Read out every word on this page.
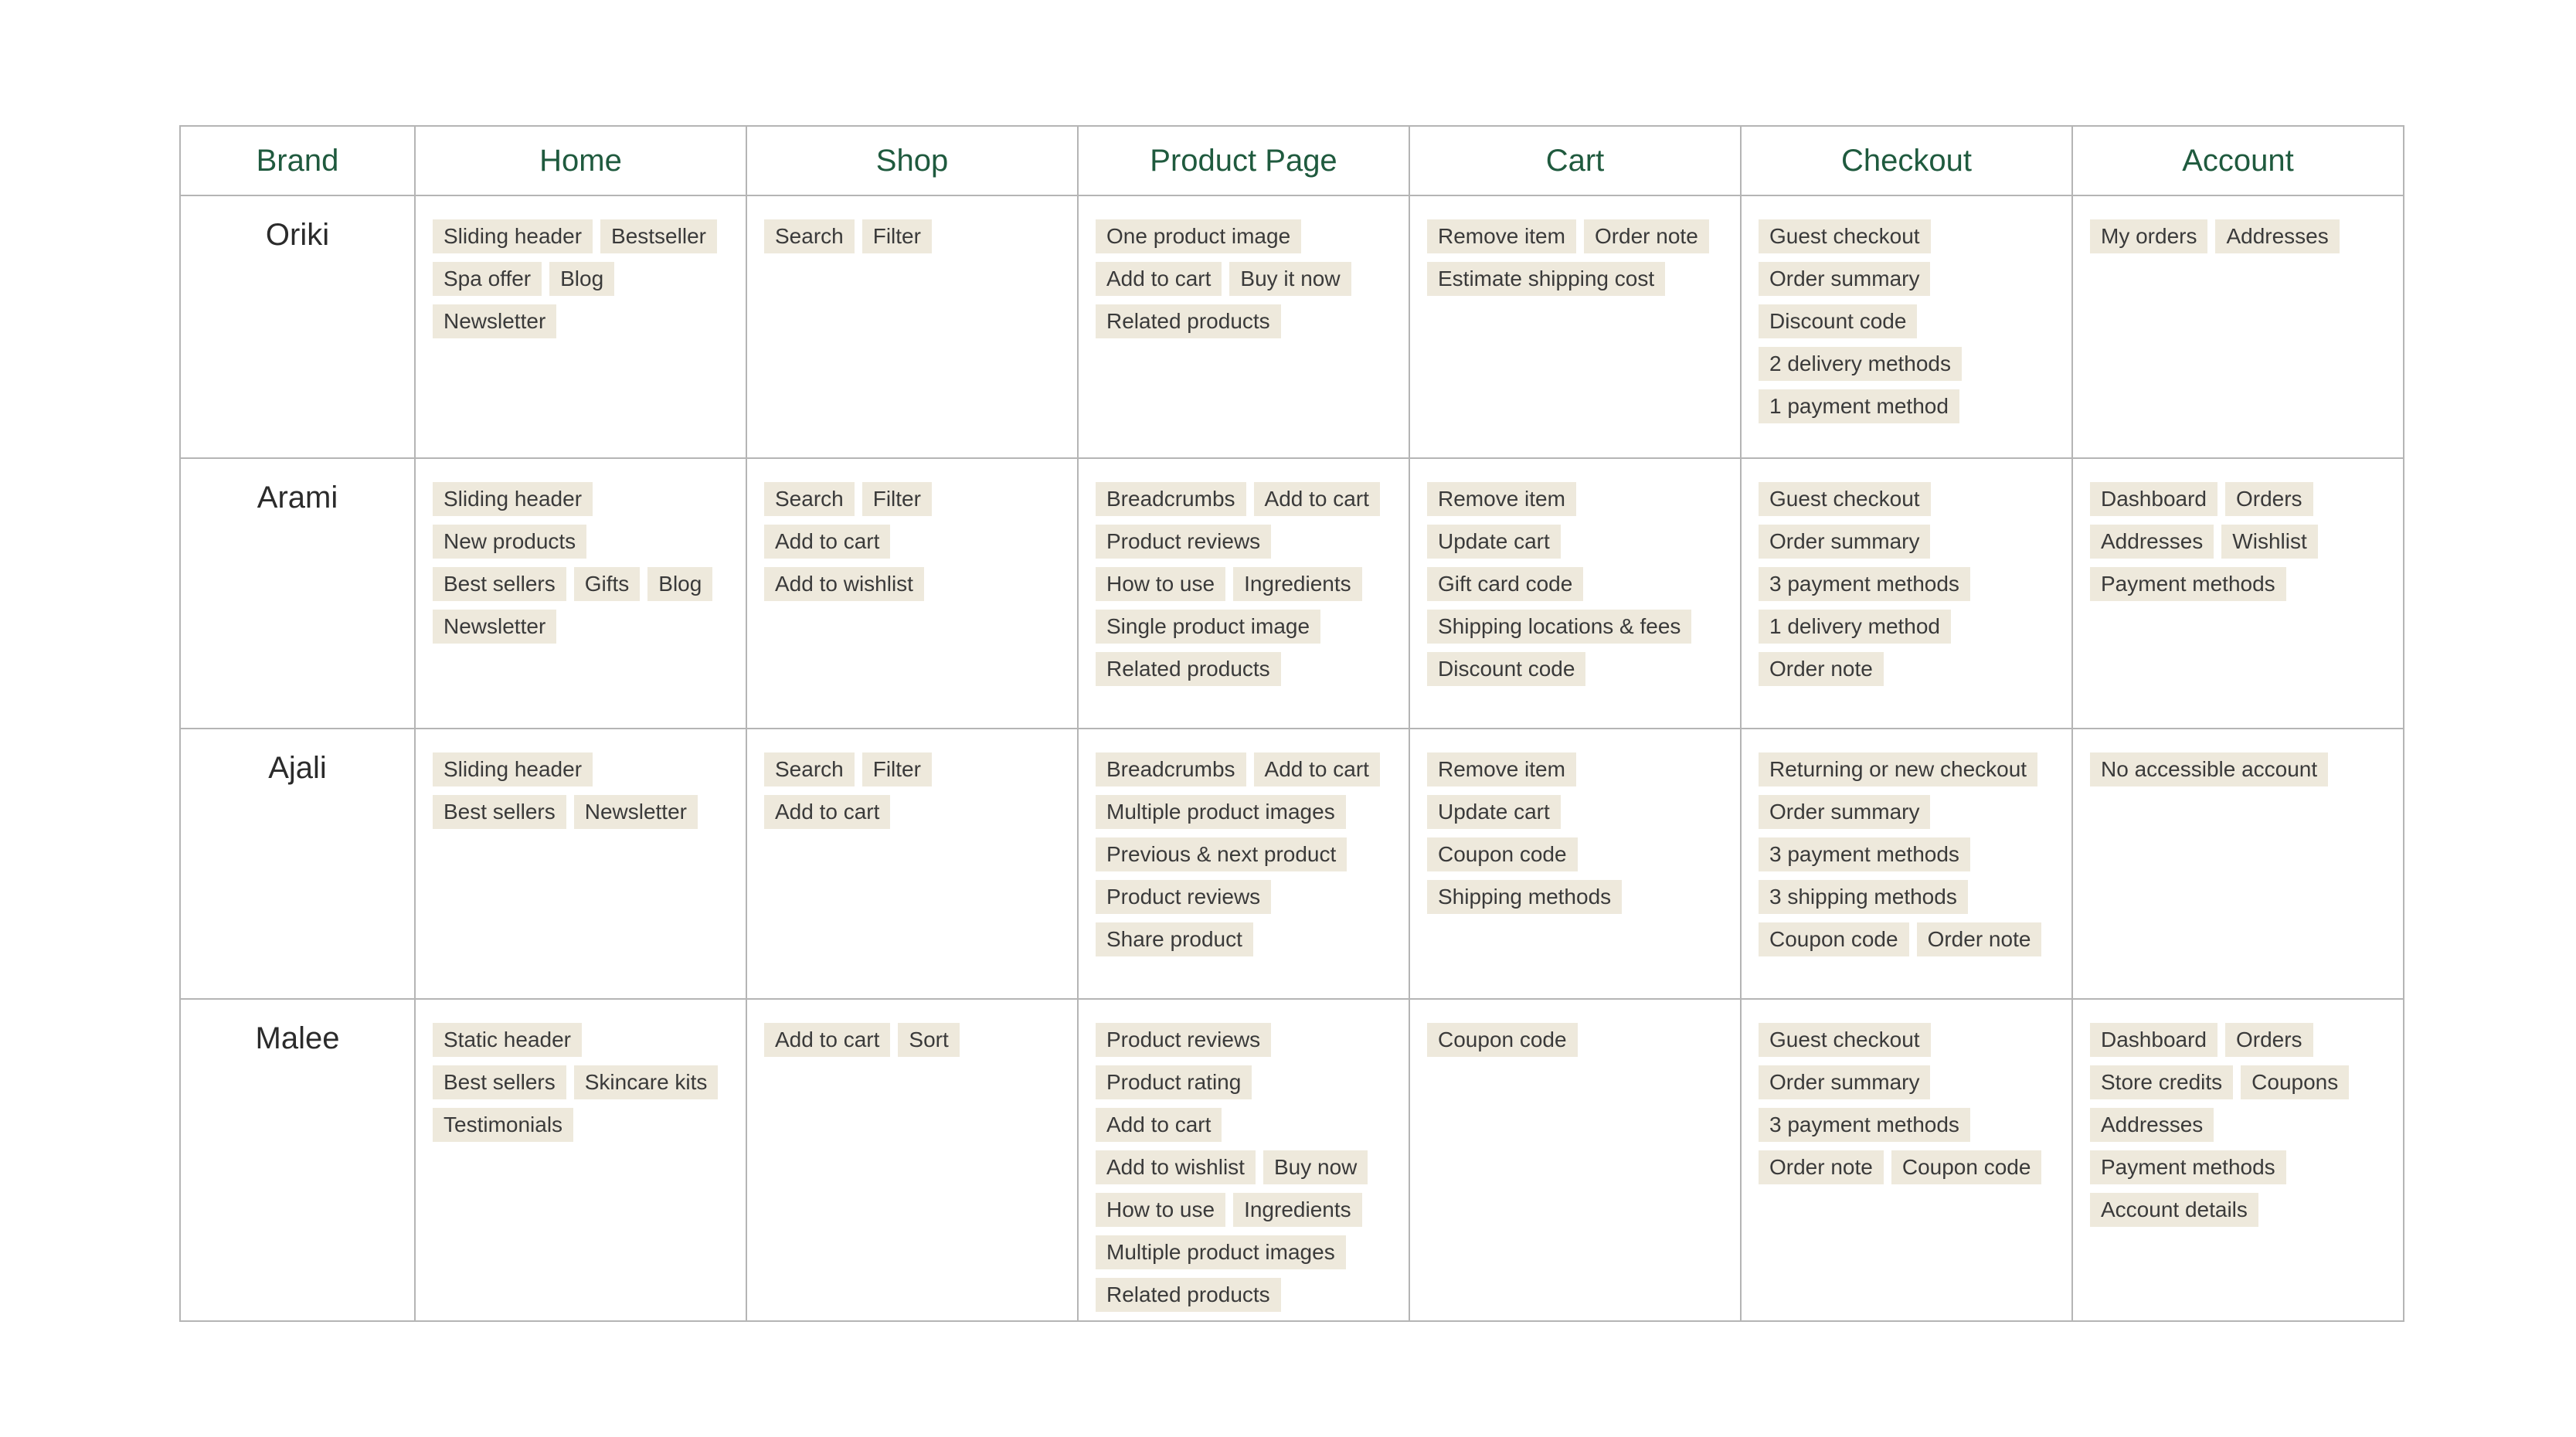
Brand	Home	Shop	Product Page	Cart	Checkout	Account
Oriki	Sliding header BestsellerSpa offer BlogNewsletter	Search Filter	One product imageAdd to cart Buy it nowRelated products	Remove item Order noteEstimate shipping cost	Guest checkoutOrder summaryDiscount code2 delivery methods1 payment method	My orders Addresses
Arami	Sliding headerNew productsBest sellers Gifts BlogNewsletter	Search FilterAdd to cartAdd to wishlist	Breadcrumbs Add to cartProduct reviewsHow to use IngredientsSingle product imageRelated products	Remove itemUpdate cartGift card codeShipping locations & feesDiscount code	Guest checkoutOrder summary3 payment methods1 delivery methodOrder note	Dashboard OrdersAddresses WishlistPayment methods
Ajali	Sliding headerBest sellers Newsletter	Search FilterAdd to cart	Breadcrumbs Add to cartMultiple product imagesPrevious & next productProduct reviewsShare product	Remove itemUpdate cartCoupon codeShipping methods	Returning or new checkoutOrder summary3 payment methods3 shipping methodsCoupon code Order note	No accessible account
Malee	Static headerBest sellers Skincare kitsTestimonials	Add to cart Sort	Product reviewsProduct ratingAdd to cartAdd to wishlist Buy nowHow to use IngredientsMultiple product imagesRelated products	Coupon code	Guest checkoutOrder summary3 payment methodsOrder note Coupon code	Dashboard OrdersStore credits CouponsAddressesPayment methodsAccount details
